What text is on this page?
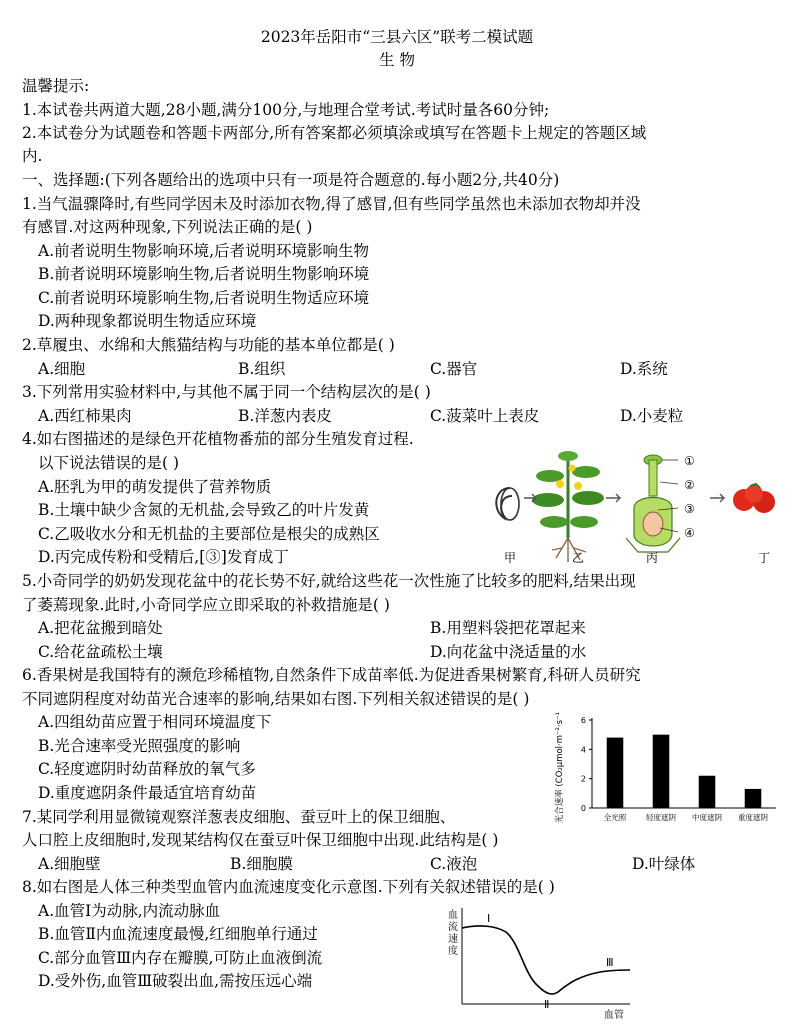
2023年岳阳市“三县六区”联考二模试题
生 物
温馨提示:
1.本试卷共两道大题,28小题,满分100分,与地理合堂考试.考试时量各60分钟;
2.本试卷分为试题卷和答题卡两部分,所有答案都必须填涂或填写在答题卡上规定的答题区域
内.
一、选择题:(下列各题给出的选项中只有一项是符合题意的.每小题2分,共40分)
1.当气温骤降时,有些同学因未及时添加衣物,得了感冒,但有些同学虽然也未添加衣物却并没
有感冒.对这两种现象,下列说法正确的是( )
A.前者说明生物影响环境,后者说明环境影响生物
B.前者说明环境影响生物,后者说明生物影响环境
C.前者说明环境影响生物,后者说明生物适应环境
D.两种现象都说明生物适应环境
2.草履虫、水绵和大熊猫结构与功能的基本单位都是( )
A.细胞	B.组织	C.器官	D.系统
3.下列常用实验材料中,与其他不属于同一个结构层次的是( )
A.西红柿果肉	B.洋葱内表皮	C.菠菜叶上表皮	D.小麦粒
4.如右图描述的是绿色开花植物番茄的部分生殖发育过程.
以下说法错误的是( )
A.胚乳为甲的萌发提供了营养物质
B.土壤中缺少含氮的无机盐,会导致乙的叶片发黄
C.乙吸收水分和无机盐的主要部位是根尖的成熟区
D.丙完成传粉和受精后,[③]发育成丁
①
②
③
④
甲	乙	丙	丁
5.小奇同学的奶奶发现花盆中的花长势不好,就给这些花一次性施了比较多的肥料,结果出现
了萎蔫现象.此时,小奇同学应立即采取的补救措施是( )
A.把花盆搬到暗处	B.用塑料袋把花罩起来
C.给花盆疏松土壤	D.向花盆中浇适量的水
6.香果树是我国特有的濒危珍稀植物,自然条件下成苗率低.为促进香果树繁育,科研人员研究
不同遮阴程度对幼苗光合速率的影响,结果如右图.下列相关叙述错误的是( )
A.四组幼苗应置于相同环境温度下
B.光合速率受光照强度的影响
C.轻度遮阴时幼苗释放的氧气多
D.重度遮阴条件最适宜培育幼苗	光合速率 (CO₂μmol·m⁻²·s⁻¹) 0
2
4
6
全光照	轻度遮阴 中度遮阴 重度遮阴
7.某同学利用显微镜观察洋葱表皮细胞、蚕豆叶上的保卫细胞、
人口腔上皮细胞时,发现某结构仅在蚕豆叶保卫细胞中出现.此结构是( )
A.细胞壁	B.细胞膜	C.液泡	D.叶绿体
8.如右图是人体三种类型血管内血流速度变化示意图.下列有关叙述错误的是( )
A.血管Ⅰ为动脉,内流动脉血
B.血管Ⅱ内血流速度最慢,红细胞单行通过
C.部分血管Ⅲ内存在瓣膜,可防止血液倒流
D.受外伤,血管Ⅲ破裂出血,需按压远心端
血
流
速
度
Ⅰ
Ⅱ
Ⅲ
血管
